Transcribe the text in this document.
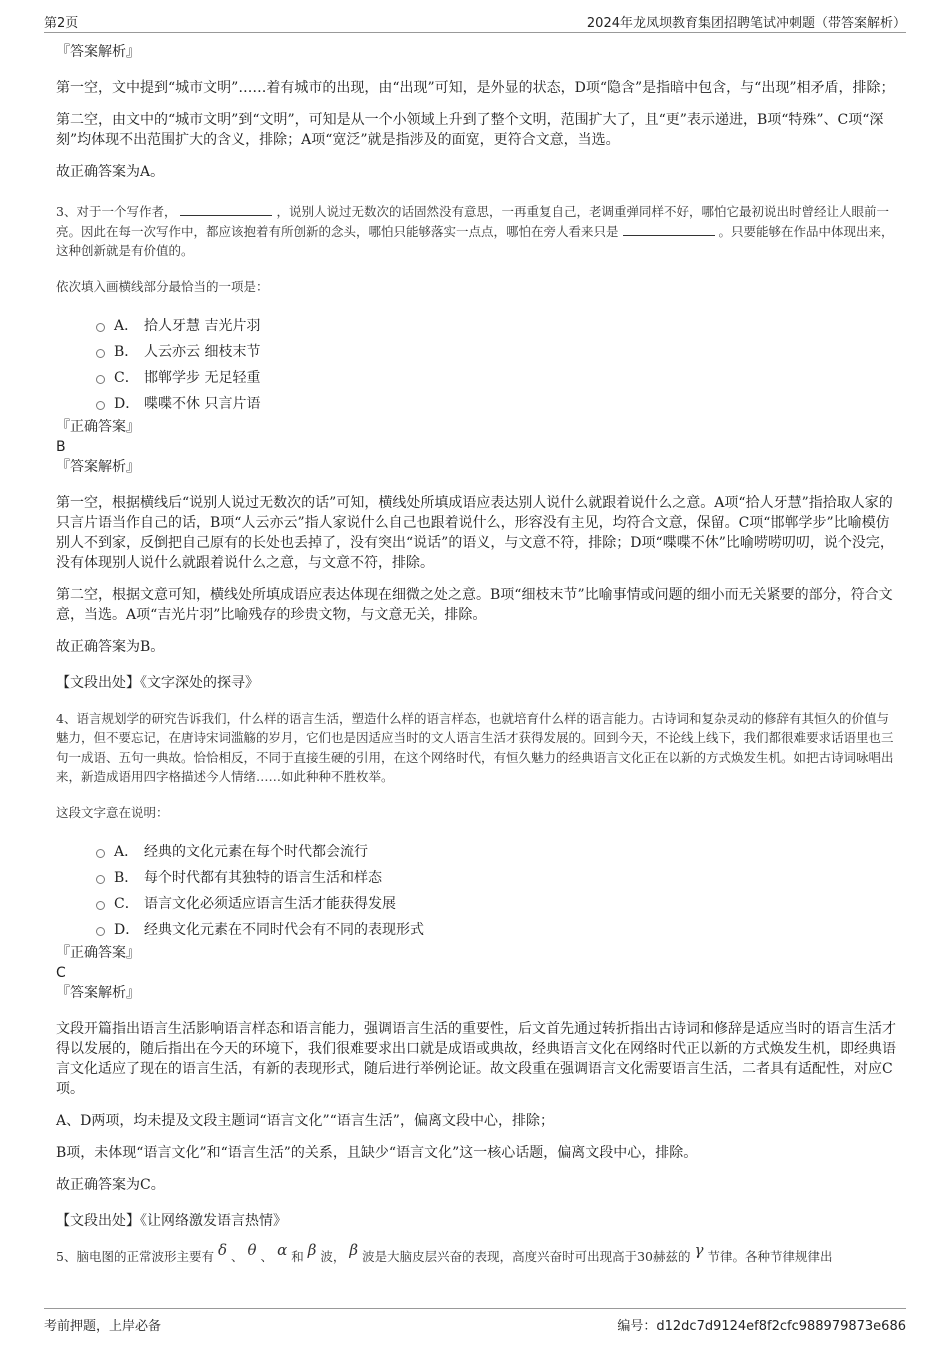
第2页	2024年龙凤坝教育集团招聘笔试冲刺题（带答案解析）

『答案解析』

第一空，文中提到“城市文明”……着有城市的出现，由“出现”可知，是外显的状态，D项“隐含”是指暗中包含，与“出现”相矛盾，排除；

第二空，由文中的“城市文明”到“文明”，可知是从一个小领域上升到了整个文明，范围扩大了，且“更”表示递进，B项“特殊”、C项“深刻”均体现不出范围扩大的含义，排除；A项“宽泛”就是指涉及的面宽，更符合文意，当选。

故正确答案为A。

3、对于一个写作者，	，说别人说过无数次的话固然没有意思，一再重复自己，老调重弹同样不好，哪怕它最初说出时曾经让人眼前一亮。因此在每一次写作中，都应该抱着有所创新的念头，哪怕只能够落实一点点，哪怕在旁人看来只是	。只要能够在作品中体现出来，这种创新就是有价值的。

依次填入画横线部分最恰当的一项是：

A． 拾人牙慧 吉光片羽
B． 人云亦云 细枝末节
C． 邯郸学步 无足轻重
D． 喋喋不休 只言片语

『正确答案』

B

『答案解析』

第一空，根据横线后“说别人说过无数次的话”可知，横线处所填成语应表达别人说什么就跟着说什么之意。A项“拾人牙慧”指拾取人家的只言片语当作自己的话，B项“人云亦云”指人家说什么自己也跟着说什么，形容没有主见，均符合文意，保留。C项“邯郸学步”比喻模仿别人不到家，反倒把自己原有的长处也丢掉了，没有突出“说话”的语义，与文意不符，排除；D项“喋喋不休”比喻唠唠叨叨，说个没完，没有体现别人说什么就跟着说什么之意，与文意不符，排除。

第二空，根据文意可知，横线处所填成语应表达体现在细微之处之意。B项“细枝末节”比喻事情或问题的细小而无关紧要的部分，符合文意，当选。A项“吉光片羽”比喻残存的珍贵文物，与文意无关，排除。

故正确答案为B。

【文段出处】《文字深处的探寻》

4、语言规划学的研究告诉我们，什么样的语言生活，塑造什么样的语言样态，也就培育什么样的语言能力。古诗词和复杂灵动的修辞有其恒久的价值与魅力，但不要忘记，在唐诗宋词滥觞的岁月，它们也是因适应当时的文人语言生活才获得发展的。回到今天，不论线上线下，我们都很难要求话语里也三句一成语、五句一典故。恰恰相反，不同于直接生硬的引用，在这个网络时代，有恒久魅力的经典语言文化正在以新的方式焕发生机。如把古诗词咏唱出来，新造成语用四字格描述今人情绪……如此种种不胜枚举。

这段文字意在说明：

A． 经典的文化元素在每个时代都会流行
B． 每个时代都有其独特的语言生活和样态
C． 语言文化必须适应语言生活才能获得发展
D． 经典文化元素在不同时代会有不同的表现形式

『正确答案』

C

『答案解析』

文段开篇指出语言生活影响语言样态和语言能力，强调语言生活的重要性，后文首先通过转折指出古诗词和修辞是适应当时的语言生活才得以发展的，随后指出在今天的环境下，我们很难要求出口就是成语或典故，经典语言文化在网络时代正以新的方式焕发生机，即经典语言文化适应了现在的语言生活，有新的表现形式，随后进行举例论证。故文段重在强调语言文化需要语言生活，二者具有适配性，对应C项。

A、D两项，均未提及文段主题词“语言文化”“语言生活”，偏离文段中心，排除；

B项，未体现“语言文化”和“语言生活”的关系，且缺少“语言文化”这一核心话题，偏离文段中心，排除。

故正确答案为C。

【文段出处】《让网络激发语言热情》

5、脑电图的正常波形主要有 δ 、 θ 、 α 和 β 波， β 波是大脑皮层兴奋的表现，高度兴奋时可出现高于30赫兹的 γ 节律。各种节律规律出

考前押题，上岸必备	编号：d12dc7d9124ef8f2cfc988979873e686
